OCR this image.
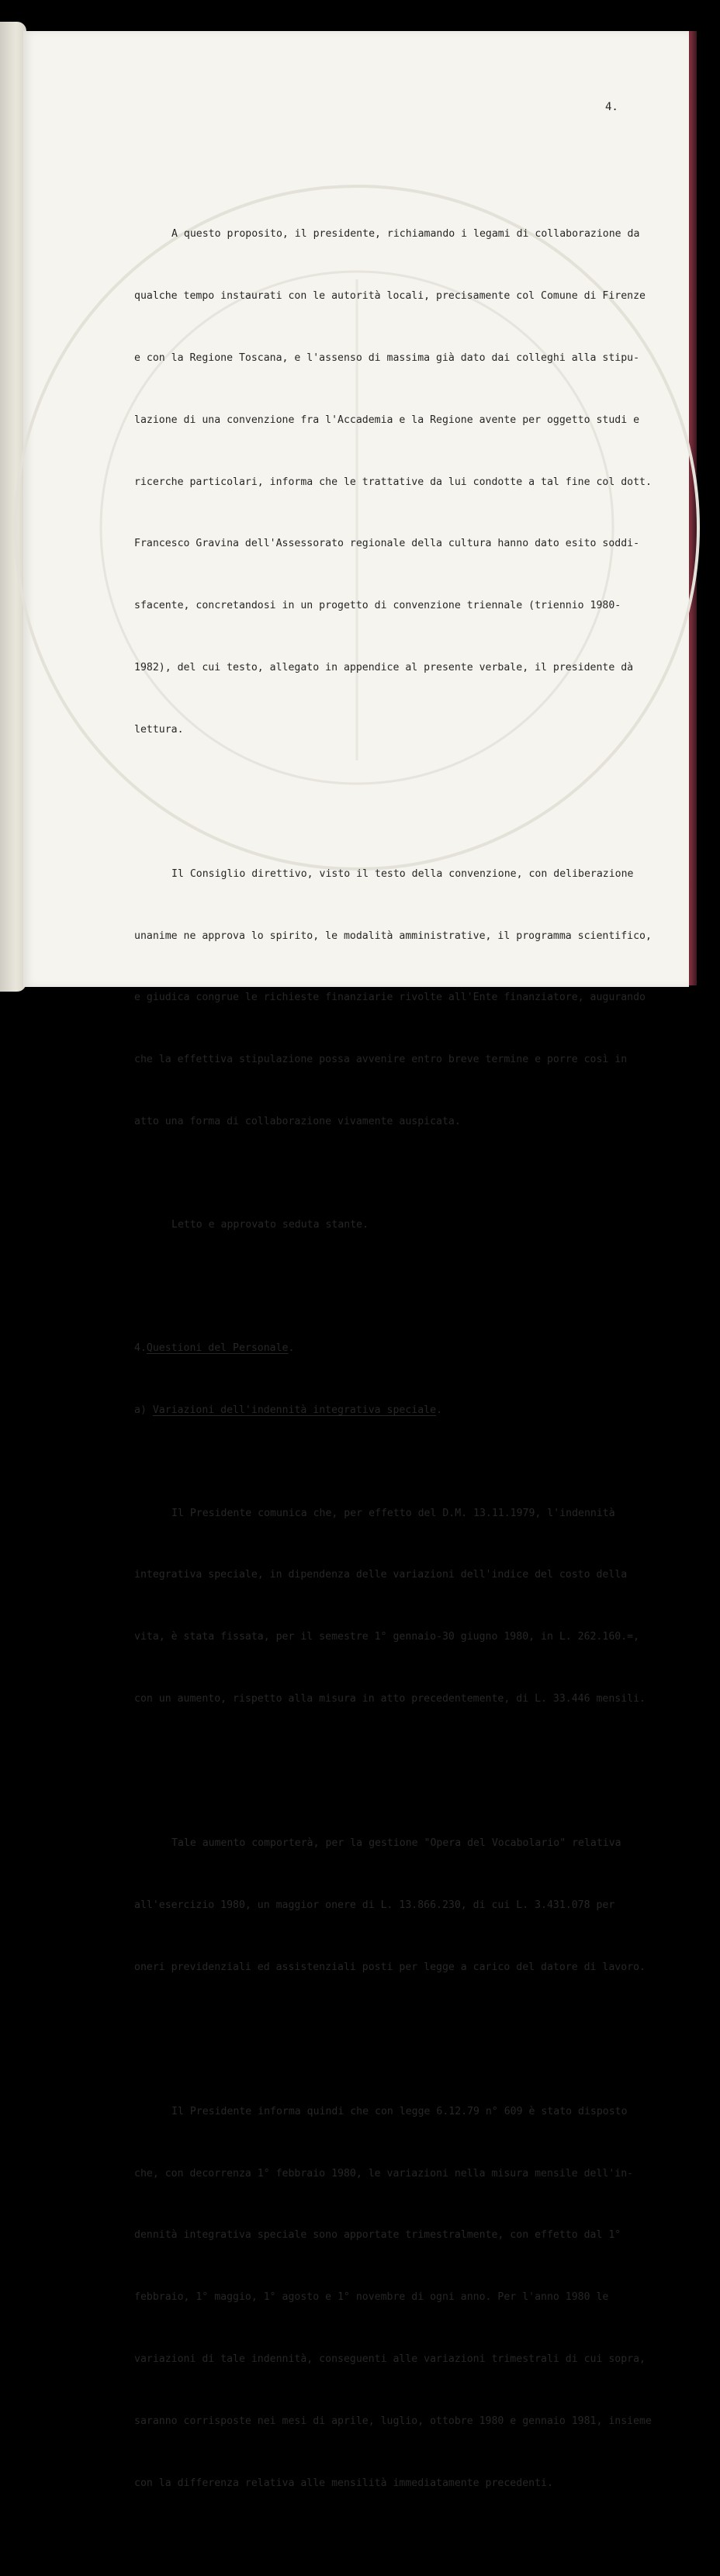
4.

A questo proposito, il presidente, richiamando i legami di collaborazione da

qualche tempo instaurati con le autorità locali, precisamente col Comune di Firenze

e con la Regione Toscana, e l'assenso di massima già dato dai colleghi alla stipu-

lazione di una convenzione fra l'Accademia e la Regione avente per oggetto studi e

ricerche particolari, informa che le trattative da lui condotte a tal fine col dott.

Francesco Gravina dell'Assessorato regionale della cultura hanno dato esito soddi-

sfacente, concretandosi in un progetto di convenzione triennale (triennio 1980-

1982), del cui testo, allegato in appendice al presente verbale, il presidente dà

lettura.

Il Consiglio direttivo, visto il testo della convenzione, con deliberazione

unanime ne approva lo spirito, le modalità amministrative, il programma scientifico,

e giudica congrue le richieste finanziarie rivolte all'Ente finanziatore, augurando

che la effettiva stipulazione possa avvenire entro breve termine e porre così in

atto una forma di collaborazione vivamente auspicata.

Letto e approvato seduta stante.

4.Questioni del Personale.

a) Variazioni dell'indennità integrativa speciale.

Il Presidente comunica che, per effetto del D.M. 13.11.1979, l'indennità

integrativa speciale, in dipendenza delle variazioni dell'indice del costo della

vita, è stata fissata, per il semestre 1° gennaio-30 giugno 1980, in L. 262.160.=,

con un aumento, rispetto alla misura in atto precedentemente, di L. 33.446 mensili.

Tale aumento comporterà, per la gestione "Opera del Vocabolario" relativa

all'esercizio 1980, un maggior onere di L. 13.866.230, di cui L. 3.431.078 per

oneri previdenziali ed assistenziali posti per legge a carico del datore di lavoro.

Il Presidente informa quindi che con legge 6.12.79 n° 609 è stato disposto

che, con decorrenza 1° febbraio 1980, le variazioni nella misura mensile dell'in-

dennità integrativa speciale sono apportate trimestralmente, con effetto dal 1°

febbraio, 1° maggio, 1° agosto e 1° novembre di ogni anno. Per l'anno 1980 le

variazioni di tale indennità, conseguenti alle variazioni trimestrali di cui sopra,

saranno corrisposte nei mesi di aprile, luglio, ottobre 1980 e gennaio 1981, insieme

con la differenza relativa alle mensilità immediatamente precedenti.
